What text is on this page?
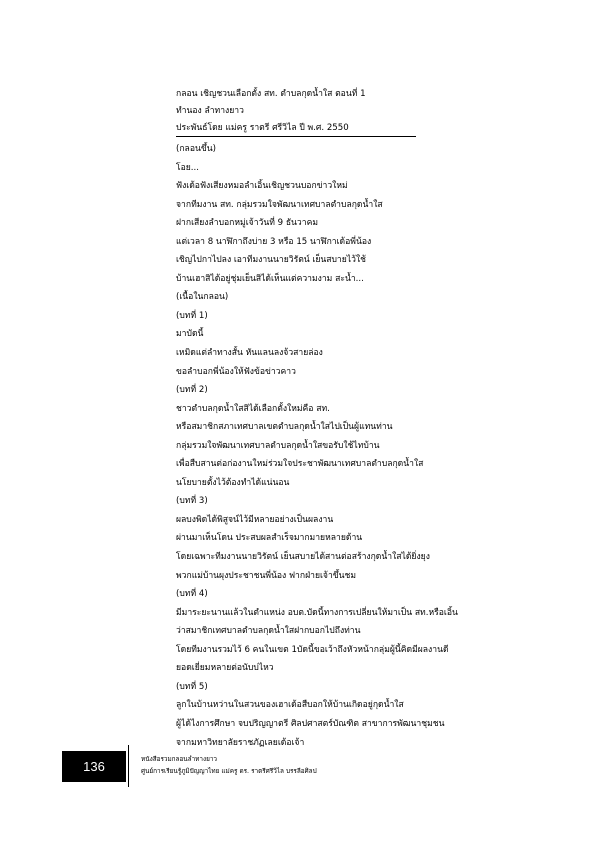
กลอน เชิญชวนเลือกตั้ง สท. ตำบลกุดน้ำใส ตอนที่ 1
ทำนอง ลำทางยาว
ประพันธ์โดย แม่ครู ราตรี ศรีวิไล ปี พ.ศ. 2550
(กลอนขึ้น)
โอย...
ฟังเด้อฟังเสียงหมอลำเอิ้นเชิญชวนบอกข่าวใหม่
จากทีมงาน สท. กลุ่มรวมใจพัฒนาเทศบาลตำบลกุดน้ำใส
ฝากเสียงลำบอกหมู่เจ้าวันที่ 9 ธันวาคม
แต่เวลา 8 นาฬิกาถึงบ่าย 3 หรือ 15 นาฬิกาเด้อพี่น้อง
เชิญไปกาไปลง เอาทีมงานนายวิรัตน์ เย็นสบายไว้ใช้
บ้านเฮาสิได้อยู่ชุ่มเย็นสิได้เห็นแต่ความงาม สะน้ำ...
(เนื้อในกลอน)
(บทที่ 1)
มาบัดนี้
เหมิดแต่ลำทางสั้น หันแลนลงจ้วสายล่อง
ขอลำบอกพี่น้องให้ฟังข้อข่าวคาว
(บทที่ 2)
ชาวตำบลกุดน้ำใสสิได้เลือกตั้งใหม่คือ สท.
หรือสมาชิกสภาเทศบาลเขตตำบลกุดน้ำใสไปเป็นผู้แทนท่าน
กลุ่มรวมใจพัฒนาเทศบาลตำบลกุดน้ำใสขอรับใช้ไทบ้าน
เพื่อสืบสานต่อก่องานใหม่ร่วมใจประชาพัฒนาเทศบาลตำบลกุดน้ำใส
นโยบายตั้งไว้ต้องทำได้แน่นอน
(บทที่ 3)
ผลบงพิดได้พิสูจน์ไว้มีหลายอย่างเป็นผลงาน
ผ่านมาเห็นโดน ประสบผลสำเร็จมากมายหลายด้าน
โดยเฉพาะทีมงานนายวิรัตน์ เย็นสบายได้สานต่อสร้างกุดน้ำใสได้ยิ่งยุง
พวกแม่บ้านผุงประชาชนพี่น้อง ฟากฝ่ายเจ้าขึ้นชม
(บทที่ 4)
มีมาระยะนานแล้วในตำแหน่ง อบต.บัดนี้ทางการเปลี่ยนให้มาเป็น สท.หรือเอิ้น
ว่าสมาชิกเทศบาลตำบลกุดน้ำใสฝากบอกไปถึงท่าน
โดยทีมงานรวมไว้ 6 คนในเขต 1บัดนี้ขอเว้าถึงหัวหน้ากลุ่มผู้นี้คิดมีผลงานดี
ยอดเยี่ยมหลายต่อนับบ่ไหว
(บทที่ 5)
ลูกในบ้านหว่านในสวนของเฮาเด้อสืบอกให้บ้านเกิดอยู่กุดน้ำใส
ผู้ได้ไงการศึกษา จบปริญญาตรี ศิลปศาสตร์บัณฑิต สาขาการพัฒนาชุมชน
จากมหาวิทยาลัยราชภัฏเลยเด้อเจ้า
136	หนังสือรวมกลอนลำทางยาว
ศูนย์การเรียนรู้ภูมิปัญญาไทย แม่ครู ดร. ราตรีศรีวิไล บรรลือศิลป
